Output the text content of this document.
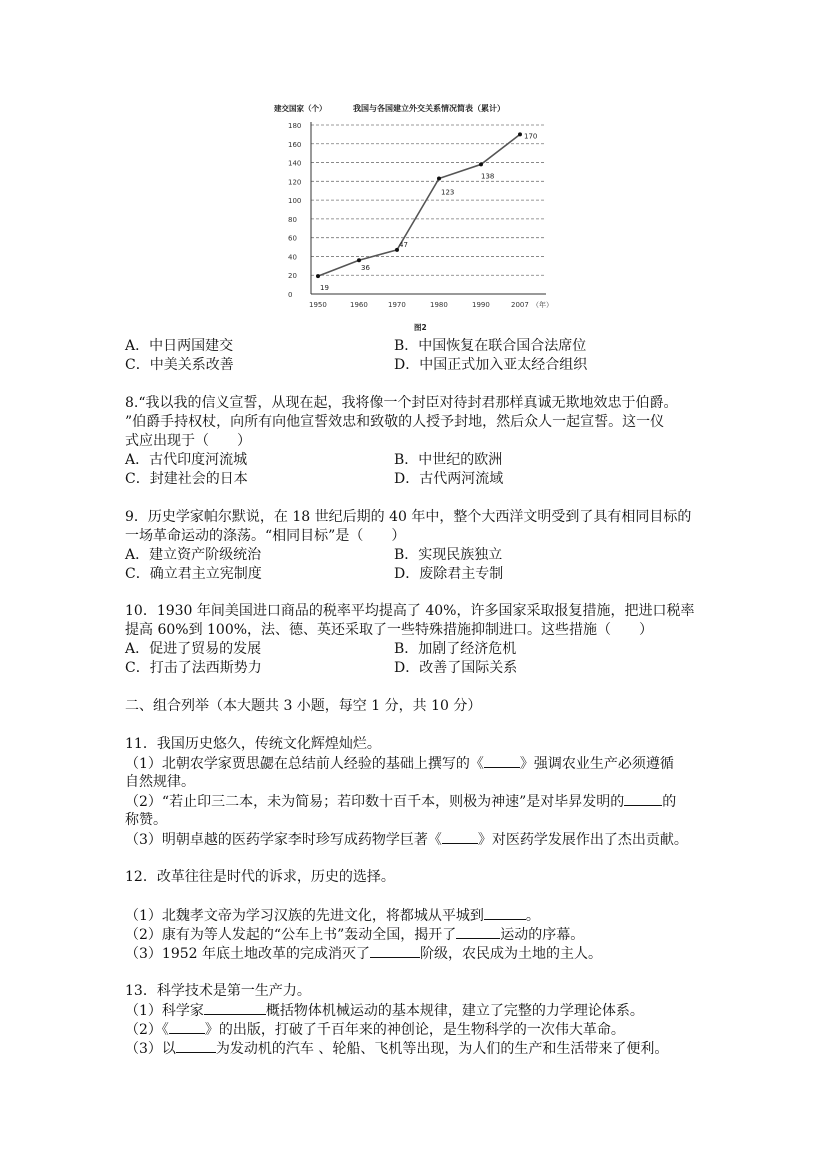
建交国家（个）	我国与各国建立外交关系情况简表（累计）
0
20
40
60
80
100
120
140
160
180
1950	1960	1970	1980	1990	2007 （年）
19
36
47
123
138
170
图2
A．中日两国建交	B．中国恢复在联合国合法席位
C．中美关系改善	D．中国正式加入亚太经合组织
8.“我以我的信义宣誓，从现在起，我将像一个封臣对待封君那样真诚无欺地效忠于伯爵。
”伯爵手持权杖，向所有向他宣誓效忠和致敬的人授予封地，然后众人一起宣誓。这一仪
式应出现于（　　）
A．古代印度河流城	B．中世纪的欧洲
C．封建社会的日本	D．古代两河流域
9．历史学家帕尔默说，在 18 世纪后期的 40 年中，整个大西洋文明受到了具有相同目标的
一场革命运动的涤荡。“相同目标”是（　　）
A．建立资产阶级统治	B．实现民族独立
C．确立君主立宪制度	D．废除君主专制
10．1930 年间美国进口商品的税率平均提高了 40%，许多国家采取报复措施，把进口税率
提高 60%到 100%，法、德、英还采取了一些特殊措施抑制进口。这些措施（　　）
A．促进了贸易的发展	B．加剧了经济危机
C．打击了法西斯势力	D．改善了国际关系
二、组合列举（本大题共 3 小题，每空 1 分，共 10 分）
11．我国历史悠久，传统文化辉煌灿烂。
（1）北朝农学家贾思勰在总结前人经验的基础上撰写的《	》强调农业生产必须遵循
自然规律。
（2）“若止印三二本，未为简易；若印数十百千本，则极为神速”是对毕昇发明的	的
称赞。
（3）明朝卓越的医药学家李时珍写成药物学巨著《	》对医药学发展作出了杰出贡献。
12．改革往往是时代的诉求，历史的选择。
（1）北魏孝文帝为学习汉族的先进文化，将都城从平城到	。
（2）康有为等人发起的“公车上书”轰动全国，揭开了	运动的序幕。
（3）1952 年底土地改革的完成消灭了	阶级，农民成为土地的主人。
13．科学技术是第一生产力。
（1）科学家	概括物体机械运动的基本规律，建立了完整的力学理论体系。
（2）《	》的出版，打破了千百年来的神创论，是生物科学的一次伟大革命。
（3）以	为发动机的汽车 、轮船、飞机等出现，为人们的生产和生活带来了便利。
